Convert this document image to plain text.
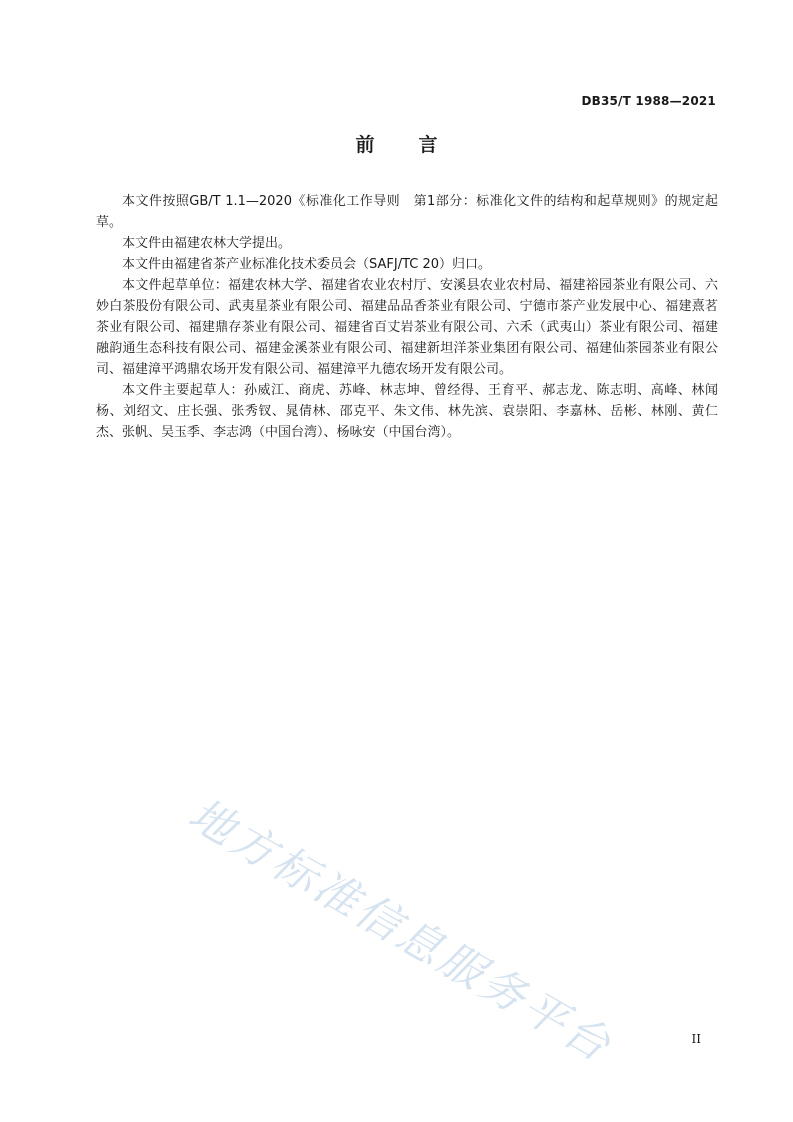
DB35/T 1988—2021
前言

本文件按照GB/T 1.1—2020《标准化工作导则　第1部分：标准化文件的结构和起草规则》的规定起草。

本文件由福建农林大学提出。

本文件由福建省茶产业标准化技术委员会（SAFJ/TC 20）归口。

本文件起草单位：福建农林大学、福建省农业农村厅、安溪县农业农村局、福建裕园茶业有限公司、六妙白茶股份有限公司、武夷星茶业有限公司、福建品品香茶业有限公司、宁德市茶产业发展中心、福建熹茗茶业有限公司、福建鼎存茶业有限公司、福建省百丈岩茶业有限公司、六禾（武夷山）茶业有限公司、福建融韵通生态科技有限公司、福建金溪茶业有限公司、福建新坦洋茶业集团有限公司、福建仙茶园茶业有限公司、福建漳平鸿鼎农场开发有限公司、福建漳平九德农场开发有限公司。

本文件主要起草人：孙威江、商虎、苏峰、林志坤、曾经得、王育平、郝志龙、陈志明、高峰、林闻杨、刘绍文、庄长强、张秀钗、晁倩林、邵克平、朱文伟、林先滨、袁崇阳、李嘉林、岳彬、林刚、黄仁杰、张帆、吴玉季、李志鸿（中国台湾）、杨咏安（中国台湾）。

地方标准信息服务平台	II
